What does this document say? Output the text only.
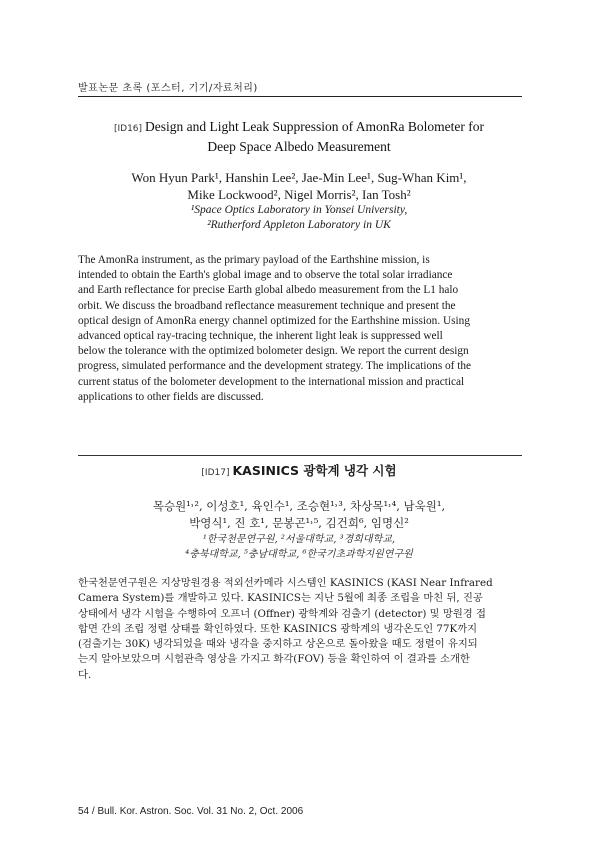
발표논문 초록 (포스터, 기기/자료처리)
[ID16] Design and Light Leak Suppression of AmonRa Bolometer for
Deep Space Albedo Measurement
Won Hyun Park¹, Hanshin Lee², Jae-Min Lee¹, Sug-Whan Kim¹,
Mike Lockwood², Nigel Morris², Ian Tosh²
¹Space Optics Laboratory in Yonsei University,
²Rutherford Appleton Laboratory in UK
The AmonRa instrument, as the primary payload of the Earthshine mission, is
intended to obtain the Earth's global image and to observe the total solar irradiance
and Earth reflectance for precise Earth global albedo measurement from the L1 halo
orbit. We discuss the broadband reflectance measurement technique and present the
optical design of AmonRa energy channel optimized for the Earthshine mission. Using
advanced optical ray-tracing technique, the inherent light leak is suppressed well
below the tolerance with the optimized bolometer design. We report the current design
progress, simulated performance and the development strategy. The implications of the
current status of the bolometer development to the international mission and practical
applications to other fields are discussed.
[ID17] KASINICS 광학계 냉각 시험
목승원¹˒², 이성호¹, 육인수¹, 조승현¹˒³, 차상목¹˒⁴, 남욱원¹,
박영식¹, 진 호¹, 문봉곤¹˒⁵, 김건희⁶, 임명신²
¹한국천문연구원, ²서울대학교, ³경희대학교,
⁴충북대학교, ⁵충남대학교, ⁶한국기초과학지원연구원
한국천문연구원은 지상망원경용 적외선카메라 시스템인 KASINICS (KASI Near Infrared
Camera System)를 개발하고 있다. KASINICS는 지난 5월에 최종 조립을 마친 뒤, 진공
상태에서 냉각 시험을 수행하여 오프너 (Offner) 광학계와 검출기 (detector) 및 망원경 접
합면 간의 조립 정렬 상태를 확인하였다. 또한 KASINICS 광학계의 냉각온도인 77K까지
(검출기는 30K) 냉각되었을 때와 냉각을 중지하고 상온으로 돌아왔을 때도 정렬이 유지되
는지 알아보았으며 시험관측 영상을 가지고 화각(FOV) 등을 확인하여 이 결과를 소개한
다.
54 / Bull. Kor. Astron. Soc. Vol. 31 No. 2, Oct. 2006
